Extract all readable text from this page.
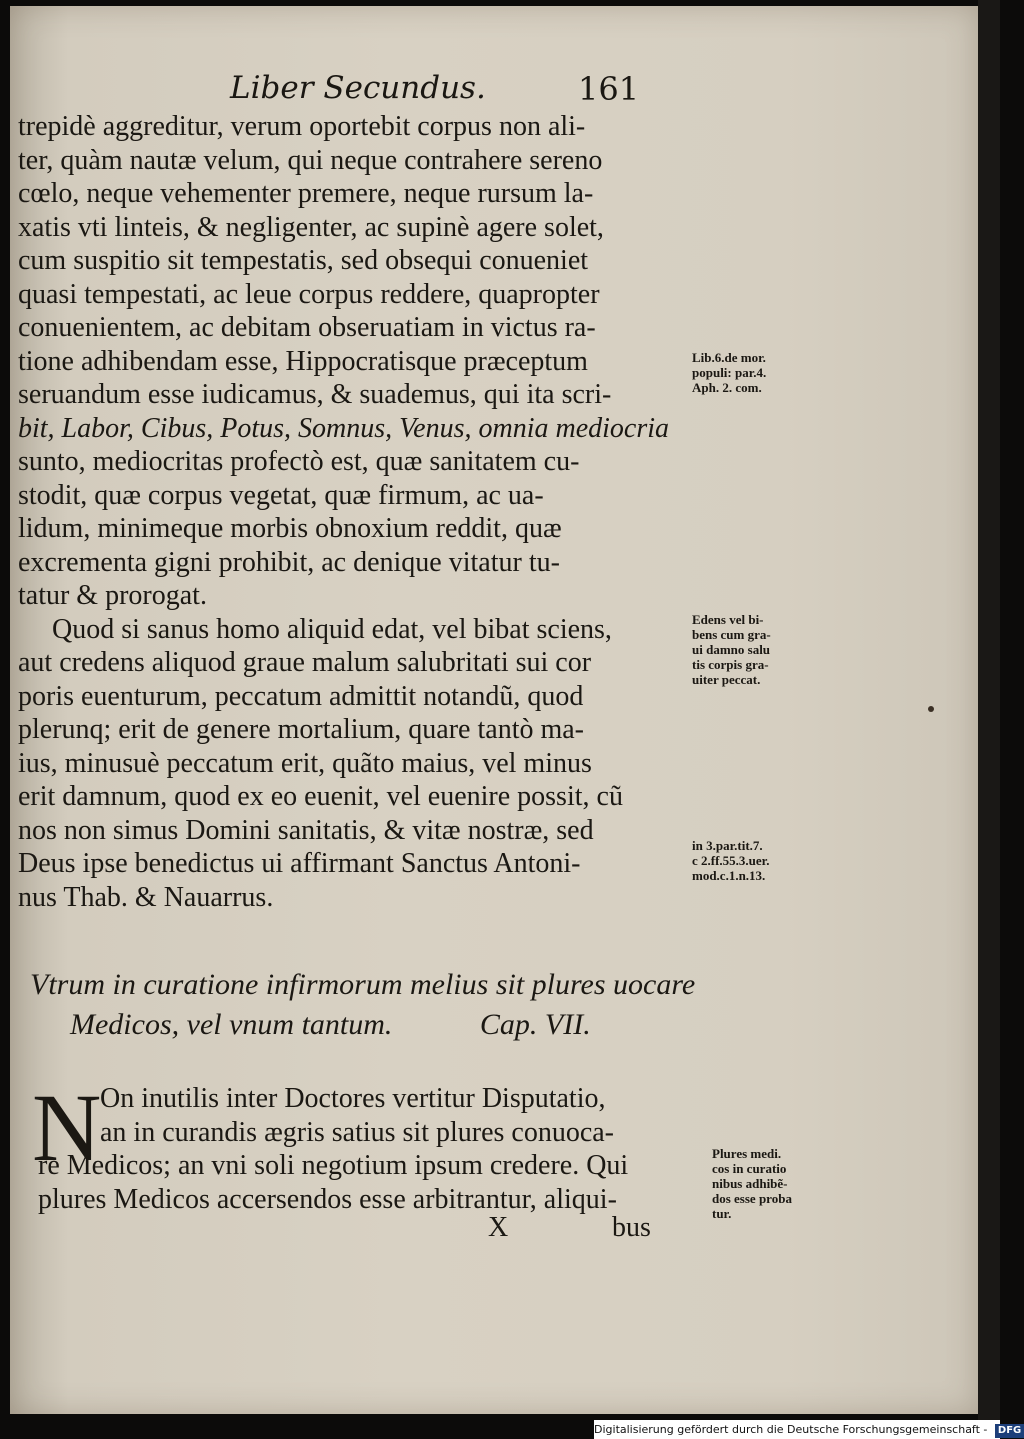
Liber Secundus.	161
trepidè aggreditur, verum oportebit corpus non ali-
ter, quàm nautæ velum, qui neque contrahere sereno
cœlo, neque vehementer premere, neque rursum la-
xatis vti linteis, & negligenter, ac supinè agere solet,
cum suspitio sit tempestatis, sed obsequi conueniet
quasi tempestati, ac leue corpus reddere, quapropter
conuenientem, ac debitam obseruatiam in victus ra-
tione adhibendam esse, Hippocratisque præceptum
seruandum esse iudicamus, & suademus, qui ita scri-
bit, Labor, Cibus, Potus, Somnus, Venus, omnia mediocria
sunto, mediocritas profectò est, quæ sanitatem cu-
stodit, quæ corpus vegetat, quæ firmum, ac ua-
lidum, minimeque morbis obnoxium reddit, quæ
excrementa gigni prohibit, ac denique vitatur tu-
tatur & prorogat.
Quod si sanus homo aliquid edat, vel bibat sciens,
aut credens aliquod graue malum salubritati sui cor
poris euenturum, peccatum admittit notandũ, quod
plerunq; erit de genere mortalium, quare tantò ma-
ius, minusuè peccatum erit, quãto maius, vel minus
erit damnum, quod ex eo euenit, vel euenire possit, cũ
nos non simus Domini sanitatis, & vitæ nostræ, sed
Deus ipse benedictus ui affirmant Sanctus Antoni-
nus Thab. & Nauarrus.
Lib.6.de mor.
populi: par.4.
Aph. 2. com.
Edens vel bi-
bens cum gra-
ui damno salu
tis corpis gra-
uiter peccat.
in 3.par.tit.7.
c 2.ff.55.3.uer.
mod.c.1.n.13.
Vtrum in curatione infirmorum melius sit plures uocare
Medicos, vel vnum tantum.	Cap. VII.
N
On inutilis inter Doctores vertitur Disputatio,
an in curandis ægris satius sit plures conuoca-
re Medicos; an vni soli negotium ipsum credere. Qui
plures Medicos accersendos esse arbitrantur, aliqui-
Plures medi.
cos in curatio
nibus adhibẽ-
dos esse proba
tur.
X	bus
Digitalisierung gefördert durch die Deutsche Forschungsgemeinschaft - DFG
